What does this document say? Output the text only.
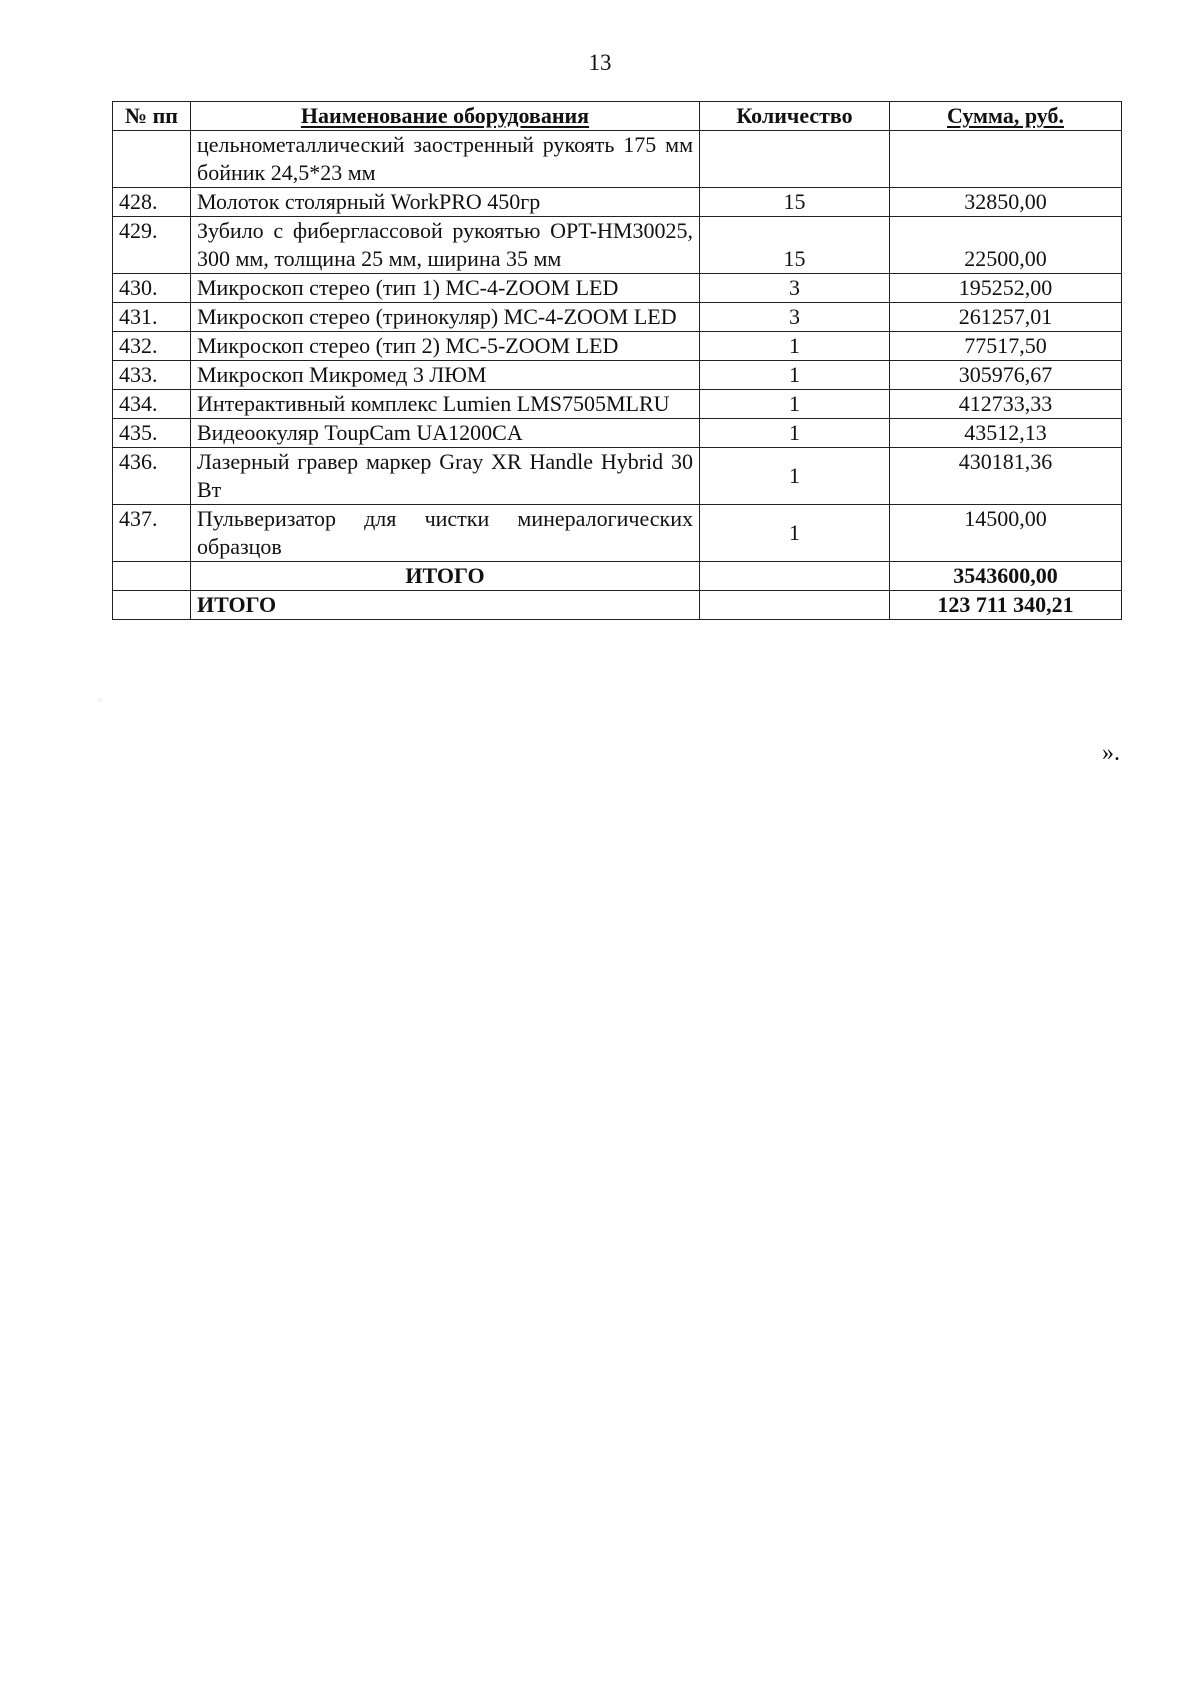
13
№ пп	Наименование оборудования	Количество	Сумма, руб.
	цельнометаллический заостренный рукоять 175 мм бойник 24,5*23 мм		
428.	Молоток столярный WorkPRO 450гр	15	32850,00
429.	Зубило с фибергласcовой рукоятью OPT-HM30025, 300 мм, толщина 25 мм, ширина 35 мм	15	22500,00
430.	Микроскоп стерео (тип 1) МС-4-ZOOM LED	3	195252,00
431.	Микроскоп стерео (тринокуляр) МС-4-ZOOM LED	3	261257,01
432.	Микроскоп стерео (тип 2) МС-5-ZOOM LED	1	77517,50
433.	Микроскоп Микромед 3 ЛЮМ	1	305976,67
434.	Интерактивный комплекс Lumien LMS7505MLRU	1	412733,33
435.	Видеоокуляр ToupCam UA1200CA	1	43512,13
436.	Лазерный гравер маркер Gray XR Handle Hybrid 30 Вт	1	430181,36
437.	Пульверизатор для чистки минералогических образцов	1	14500,00
	ИТОГО		3543600,00
	ИТОГО		123 711 340,21
».
